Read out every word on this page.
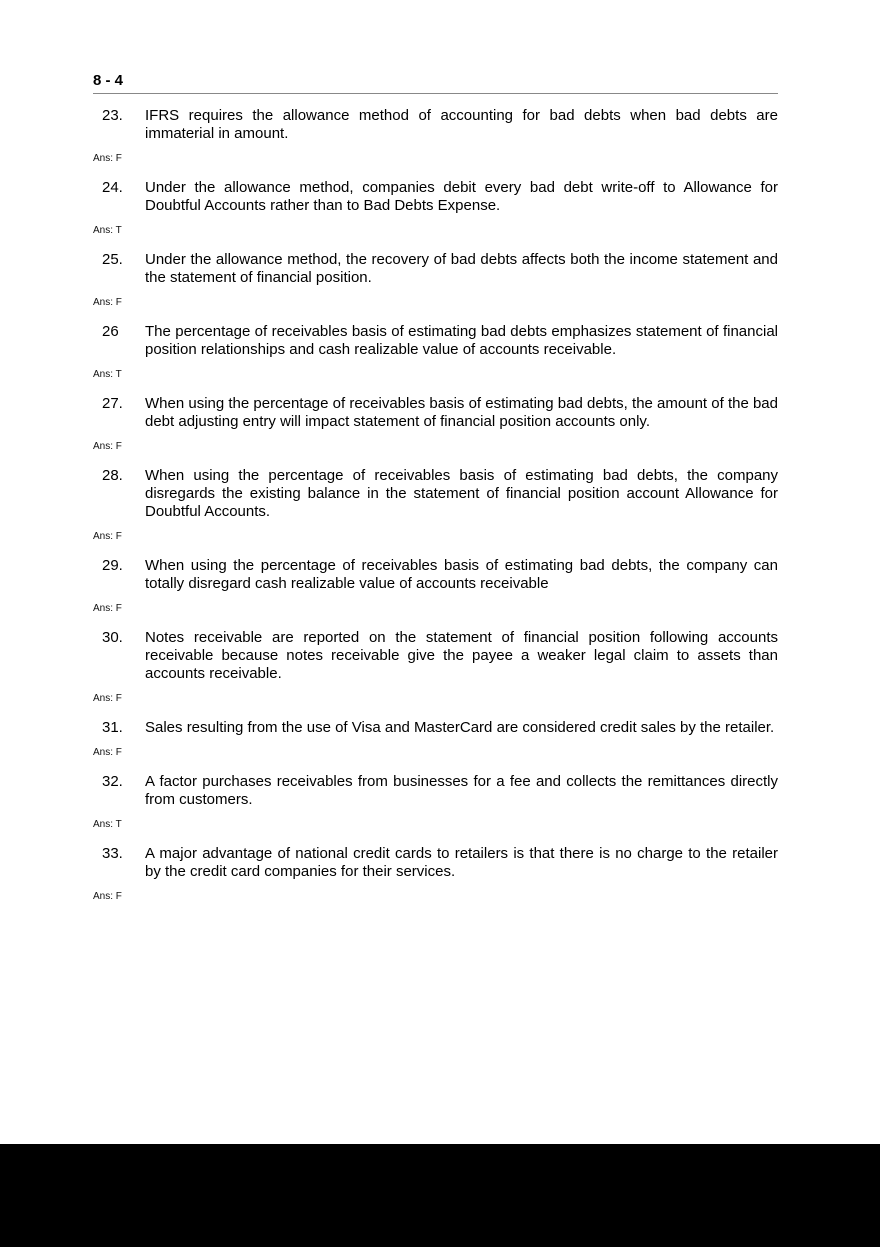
8 - 4
23.	IFRS requires the allowance method of accounting for bad debts when bad debts are immaterial in amount.
Ans: F
24.	Under the allowance method, companies debit every bad debt write-off to Allowance for Doubtful Accounts rather than to Bad Debts Expense.
Ans: T
25.	Under the allowance method, the recovery of bad debts affects both the income statement and the statement of financial position.
Ans: F
26	The percentage of receivables basis of estimating bad debts emphasizes statement of financial position relationships and cash realizable value of accounts receivable.
Ans: T
27.	When using the percentage of receivables basis of estimating bad debts, the amount of the bad debt adjusting entry will impact statement of financial position accounts only.
Ans: F
28.	When using the percentage of receivables basis of estimating bad debts, the company disregards the existing balance in the statement of financial position account Allowance for Doubtful Accounts.
Ans: F
29.	When using the percentage of receivables basis of estimating bad debts, the company can totally disregard cash realizable value of accounts receivable
Ans: F
30.	Notes receivable are reported on the statement of financial position following accounts receivable because notes receivable give the payee a weaker legal claim to assets than accounts receivable.
Ans: F
31.	Sales resulting from the use of Visa and MasterCard are considered credit sales by the retailer.
Ans: F
32.	A factor purchases receivables from businesses for a fee and collects the remittances directly from customers.
Ans: T
33.	A major advantage of national credit cards to retailers is that there is no charge to the retailer by the credit card companies for their services.
Ans: F
